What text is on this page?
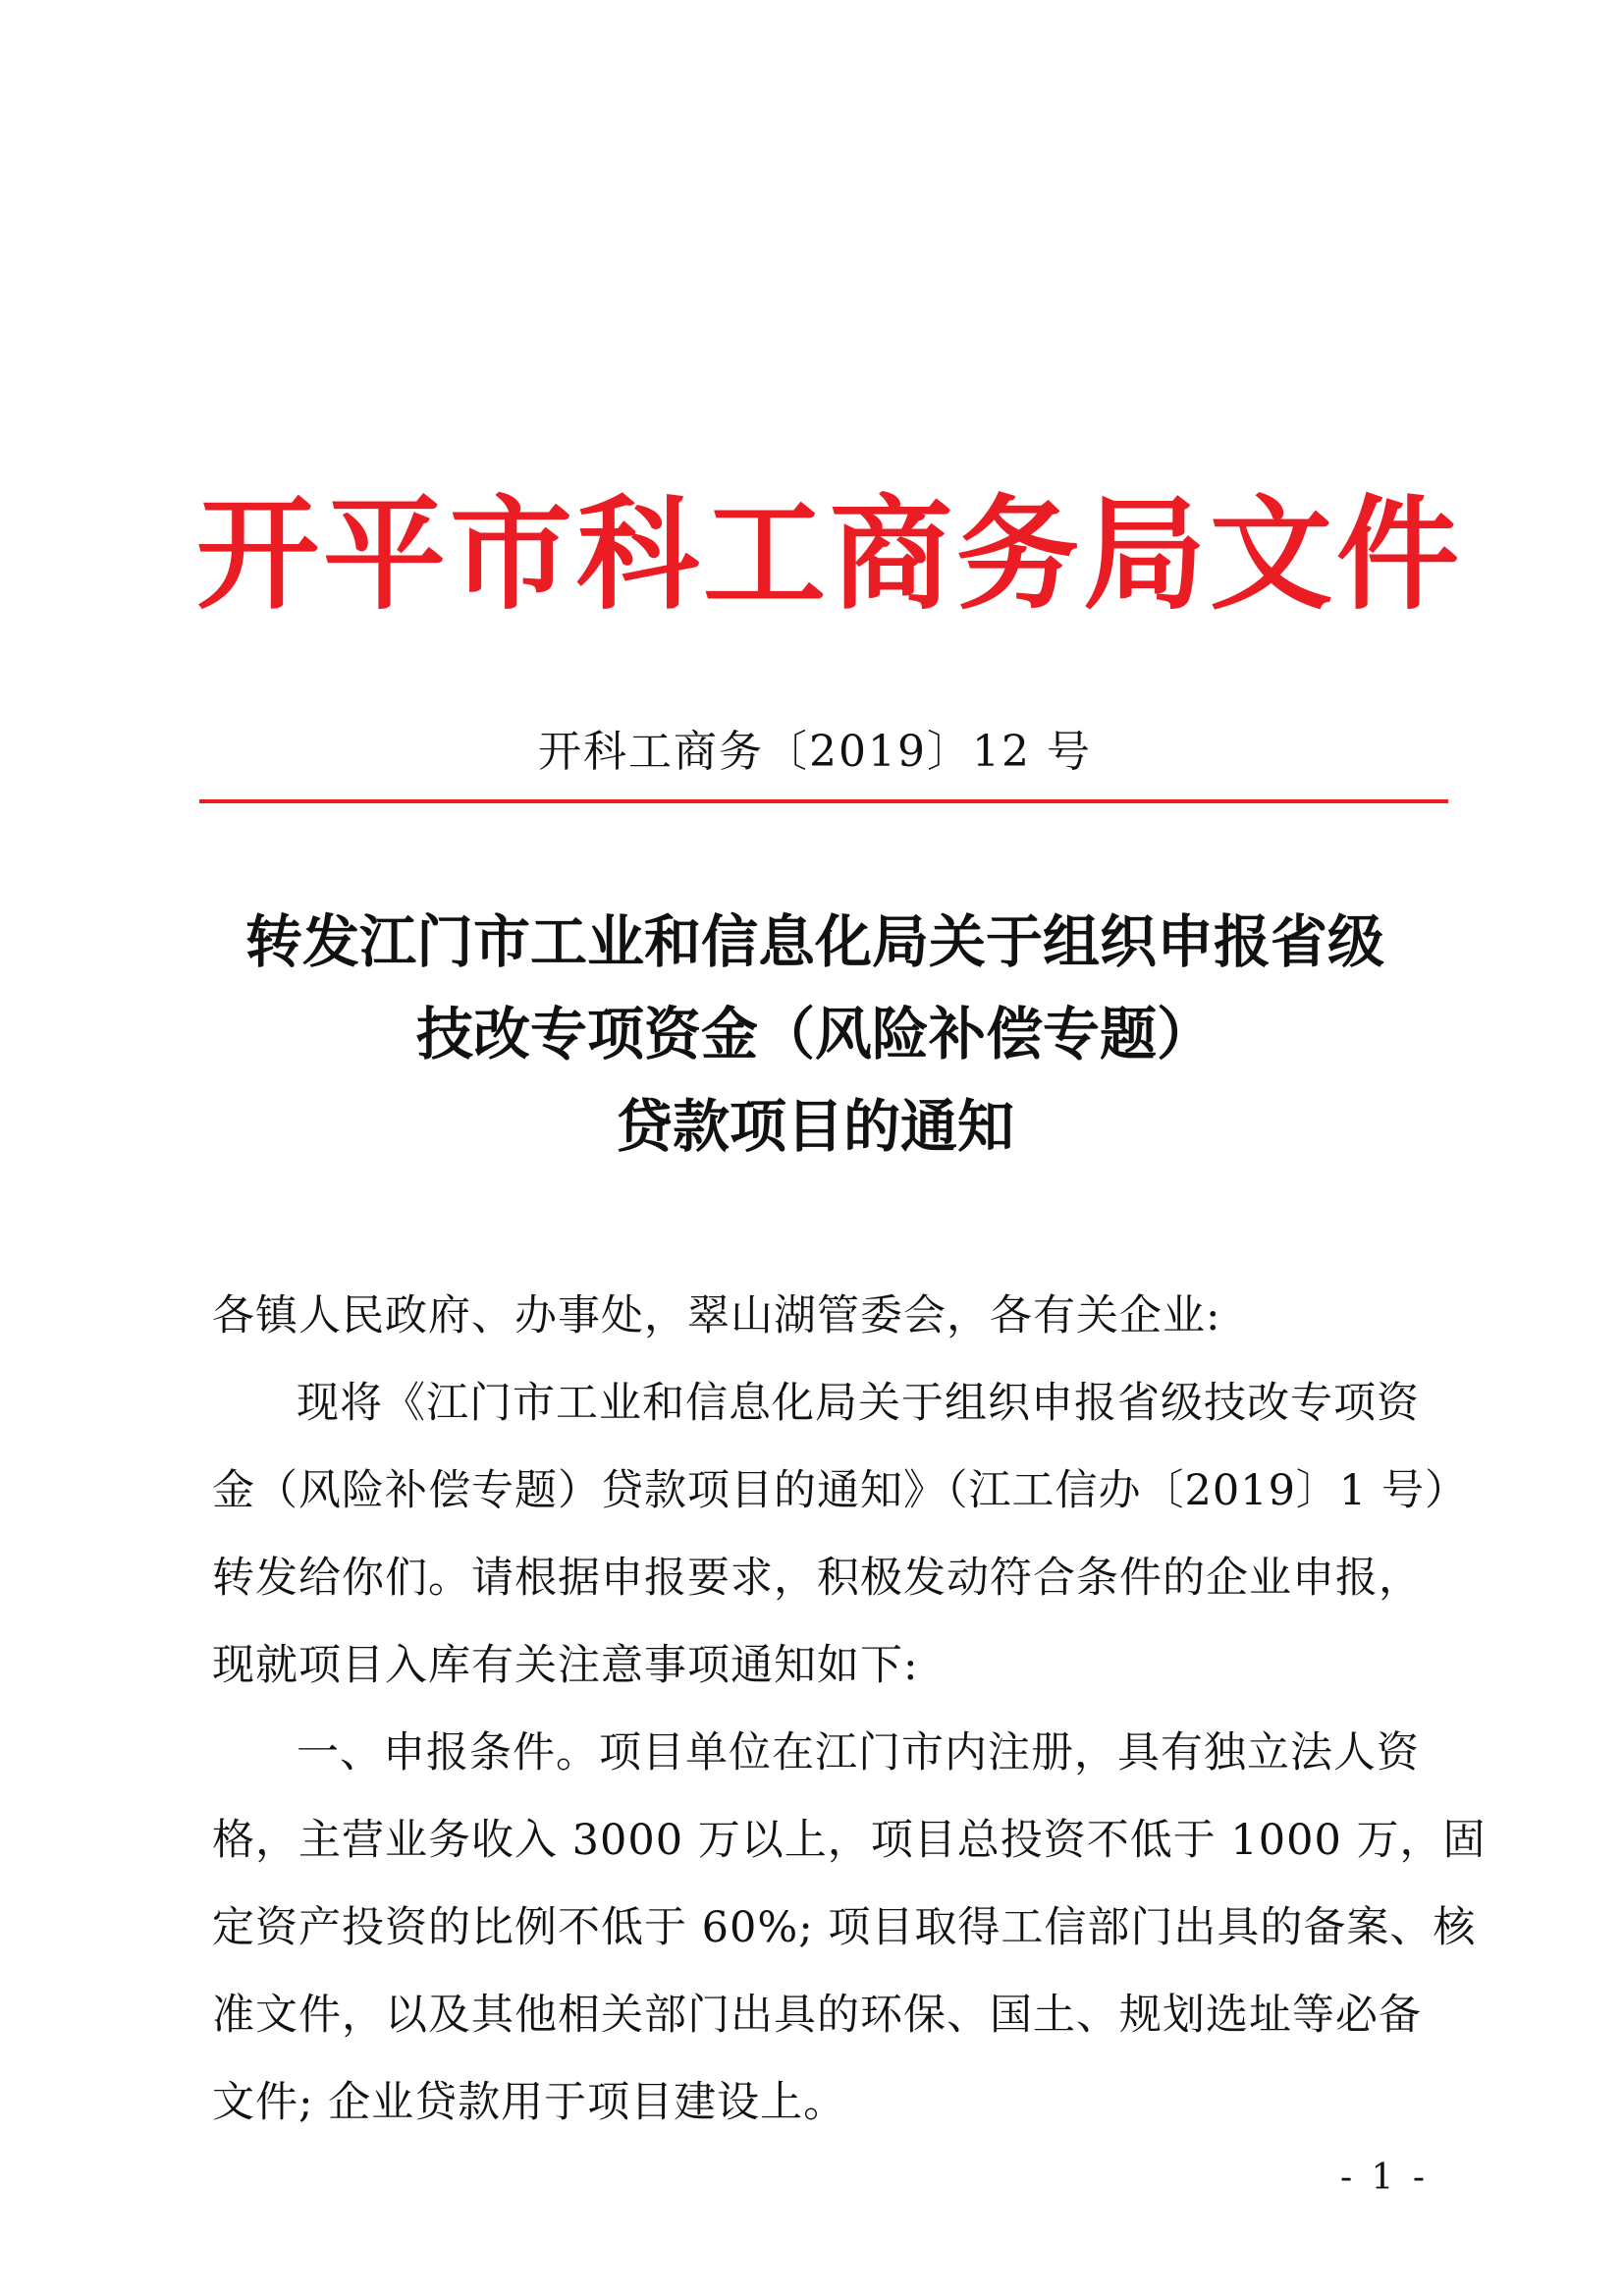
开平市科工商务局文件
开科工商务〔2019〕12 号
转发江门市工业和信息化局关于组织申报省级
技改专项资金（风险补偿专题）
贷款项目的通知

各镇人民政府、办事处，翠山湖管委会，各有关企业:

现将《江门市工业和信息化局关于组织申报省级技改专项资

金（风险补偿专题）贷款项目的通知》（江工信办〔2019〕1 号）

转发给你们。请根据申报要求，积极发动符合条件的企业申报，

现就项目入库有关注意事项通知如下:

一、申报条件。项目单位在江门市内注册，具有独立法人资

格，主营业务收入 3000 万以上，项目总投资不低于 1000 万，固

定资产投资的比例不低于 60%; 项目取得工信部门出具的备案、核

准文件，以及其他相关部门出具的环保、国土、规划选址等必备

文件; 企业贷款用于项目建设上。

- 1 -
